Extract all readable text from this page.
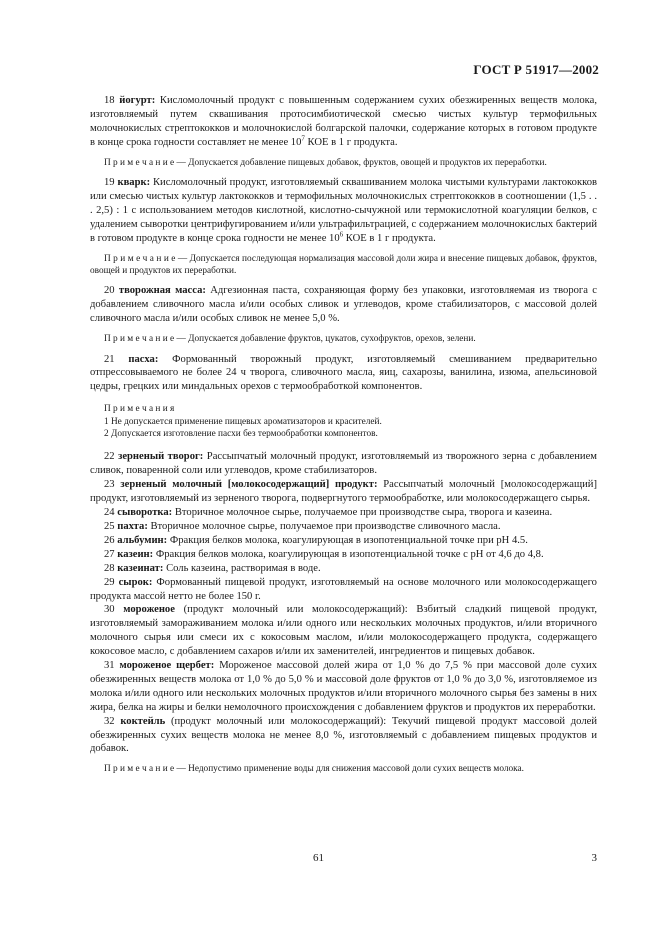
ГОСТ Р 51917—2002

18 йогурт: Кисломолочный продукт с повышенным содержанием сухих обезжиренных веществ молока, изготовляемый путем сквашивания протосимбиотической смесью чистых культур термофильных молочнокислых стрептококков и молочнокислой болгарской палочки, содержание которых в готовом продукте в конце срока годности составляет не менее $10^7$ КОЕ в 1 г продукта.

П р и м е ч а н и е — Допускается добавление пищевых добавок, фруктов, овощей и продуктов их переработки.

19 кварк: Кисломолочный продукт, изготовляемый сквашиванием молока чистыми культурами лактококков или смесью чистых культур лактококков и термофильных молочнокислых стрептококков в соотношении (1,5 . . . 2,5) : 1 с использованием методов кислотной, кислотно-сычужной или термокислотной коагуляции белков, с удалением сыворотки центрифугированием и/или ультрафильтрацией, с содержанием молочнокислых бактерий в готовом продукте в конце срока годности не менее $10^6$ КОЕ в 1 г продукта.

П р и м е ч а н и е — Допускается последующая нормализация массовой доли жира и внесение пищевых добавок, фруктов, овощей и продуктов их переработки.

20 творожная масса: Адгезионная паста, сохраняющая форму без упаковки, изготовляемая из творога с добавлением сливочного масла и/или особых сливок и углеводов, кроме стабилизаторов, с массовой долей сливочного масла и/или особых сливок не менее 5,0 %.

П р и м е ч а н и е — Допускается добавление фруктов, цукатов, сухофруктов, орехов, зелени.

21 пасха: Формованный творожный продукт, изготовляемый смешиванием предварительно отпрессовываемого не более 24 ч творога, сливочного масла, яиц, сахарозы, ванилина, изюма, апельсиновой цедры, грецких или миндальных орехов с термообработкой компонентов.

П р и м е ч а н и я

1 Не допускается применение пищевых ароматизаторов и красителей.

2 Допускается изготовление пасхи без термообработки компонентов.

22 зерненый творог: Рассыпчатый молочный продукт, изготовляемый из творожного зерна с добавлением сливок, поваренной соли или углеводов, кроме стабилизаторов.

23 зерненый молочный [молокосодержащий] продукт: Рассыпчатый молочный [молокосодержащий] продукт, изготовляемый из зерненого творога, подвергнутого термообработке, или молокосодержащего сырья.

24 сыворотка: Вторичное молочное сырье, получаемое при производстве сыра, творога и казеина.

25 пахта: Вторичное молочное сырье, получаемое при производстве сливочного масла.

26 альбумин: Фракция белков молока, коагулирующая в изопотенциальной точке при рН 4.5.

27 казеин: Фракция белков молока, коагулирующая в изопотенциальной точке с рН от 4,6 до 4,8.

28 казеинат: Соль казеина, растворимая в воде.

29 сырок: Формованный пищевой продукт, изготовляемый на основе молочного или молокосодержащего продукта массой нетто не более 150 г.

30 мороженое (продукт молочный или молокосодержащий): Взбитый сладкий пищевой продукт, изготовляемый замораживанием молока и/или одного или нескольких молочных продуктов, и/или вторичного молочного сырья или смеси их с кокосовым маслом, и/или молокосодержащего продукта, содержащего кокосовое масло, с добавлением сахаров и/или их заменителей, ингредиентов и пищевых добавок.

31 мороженое щербет: Мороженое массовой долей жира от 1,0 % до 7,5 % при массовой доле сухих обезжиренных веществ молока от 1,0 % до 5,0 % и массовой доле фруктов от 1,0 % до 3,0 %, изготовляемое из молока и/или одного или нескольких молочных продуктов и/или вторичного молочного сырья без замены в них жира, белка на жиры и белки немолочного происхождения с добавлением фруктов и продуктов их переработки.

32 коктейль (продукт молочный или молокосодержащий): Текучий пищевой продукт массовой долей обезжиренных сухих веществ молока не менее 8,0 %, изготовляемый с добавлением пищевых продуктов и добавок.

П р и м е ч а н и е — Недопустимо применение воды для снижения массовой доли сухих веществ молока.

61	3
